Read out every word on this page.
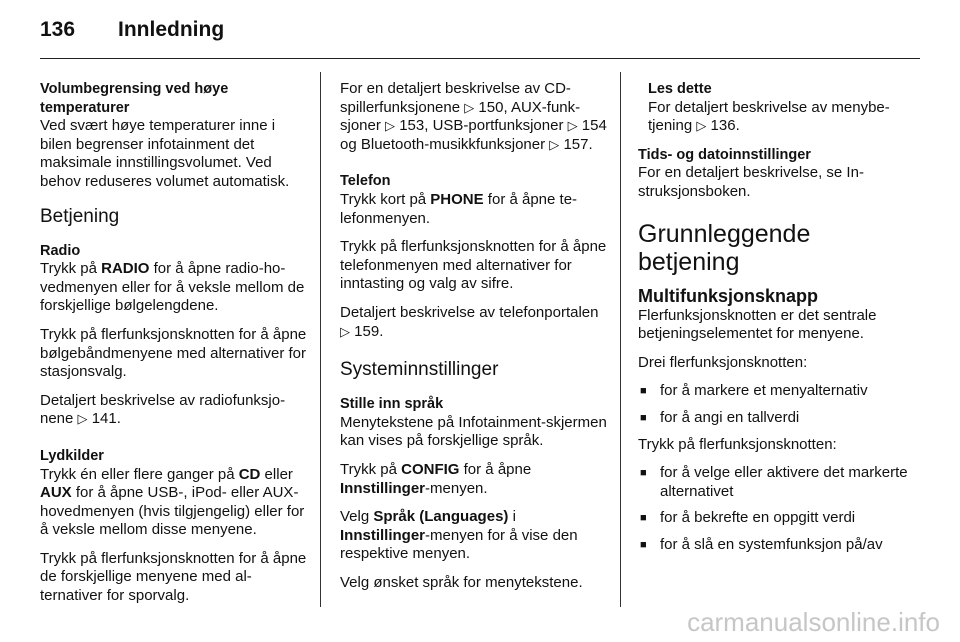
136 Innledning
Volumbegrensing ved høye temperaturer

Ved svært høye temperaturer inne i bilen begrenser infotainment det maksimale innstillingsvolumet. Ved behov reduseres volumet automatisk.

Betjening
Radio

Trykk på RADIO for å åpne radio-hovedmenyen eller for å veksle mellom de forskjellige bølgelengdene.

Trykk på flerfunksjonsknotten for å åpne bølgebåndmenyene med alternativer for stasjonsvalg.

Detaljert beskrivelse av radiofunksjonene ▷ 141.

Lydkilder

Trykk én eller flere ganger på CD eller AUX for å åpne USB-, iPod- eller AUX-hovedmenyen (hvis tilgjengelig) eller for å veksle mellom disse menyene.

Trykk på flerfunksjonsknotten for å åpne de forskjellige menyene med alternativer for sporvalg.

For en detaljert beskrivelse av CD-spillerfunksjonene ▷ 150, AUX-funksjoner ▷ 153, USB-portfunksjoner ▷ 154 og Bluetooth-musikkfunksjoner ▷ 157.

Telefon

Trykk kort på PHONE for å åpne telefonmenyen.

Trykk på flerfunksjonsknotten for å åpne telefonmenyen med alternativer for inntasting og valg av sifre.

Detaljert beskrivelse av telefonportalen ▷ 159.

Systeminnstillinger
Stille inn språk

Menytekstene på Infotainment-skjermen kan vises på forskjellige språk.

Trykk på CONFIG for å åpne
Innstillinger-menyen.

Velg Språk (Languages) i
Innstillinger-menyen for å vise den respektive menyen.

Velg ønsket språk for menytekstene.

Les dette

For detaljert beskrivelse av menybetjening ▷ 136.

Tids- og datoinnstillinger

For en detaljert beskrivelse, se Instruksjonsboken.

Grunnleggende betjening
Multifunksjonsknapp

Flerfunksjonsknotten er det sentrale betjeningselementet for menyene.

Drei flerfunksjonsknotten:

■ for å markere et menyalternativ
■ for å angi en tallverdi

Trykk på flerfunksjonsknotten:

■ for å velge eller aktivere det markerte alternativet
■ for å bekrefte en oppgitt verdi
■ for å slå en systemfunksjon på/av
carmanualsonline.info
